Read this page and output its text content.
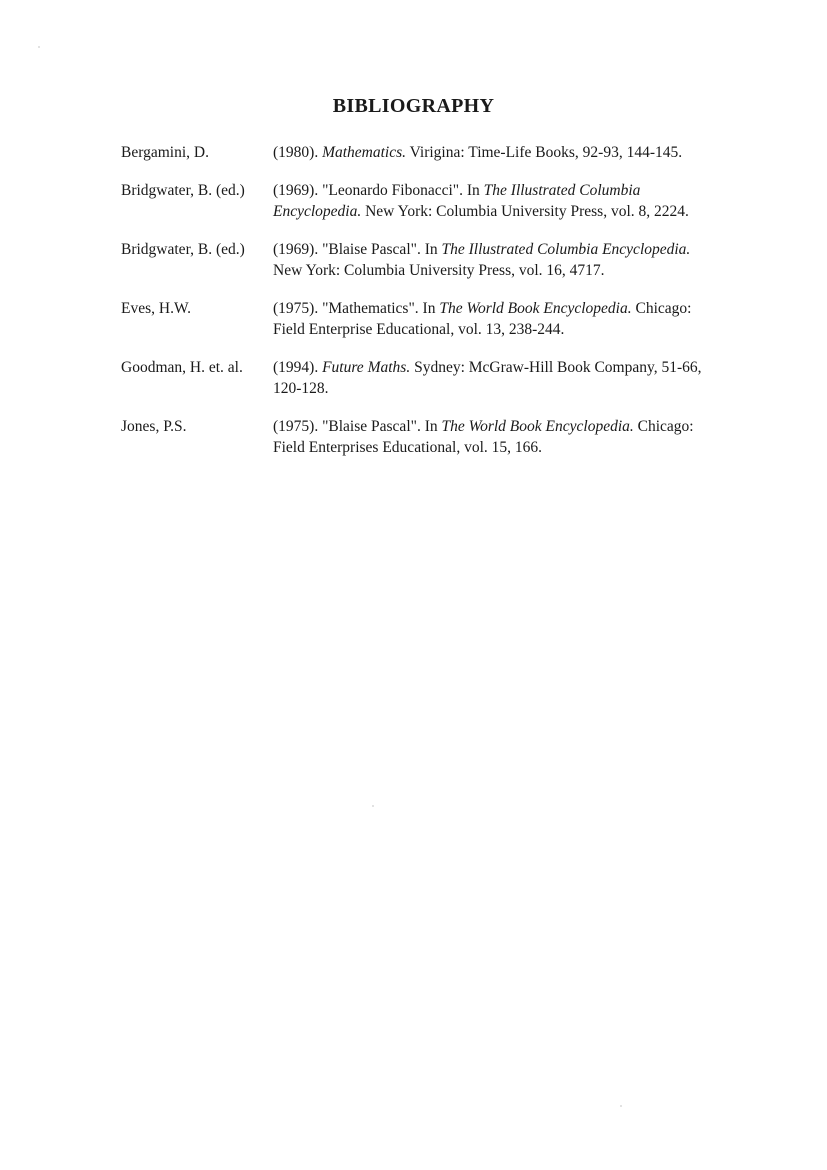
BIBLIOGRAPHY
Bergamini, D.	(1980). Mathematics. Virigina: Time-Life Books, 92-93, 144-145.
Bridgwater, B. (ed.)	(1969). "Leonardo Fibonacci". In The Illustrated Columbia Encyclopedia. New York: Columbia University Press, vol. 8, 2224.
Bridgwater, B. (ed.)	(1969). "Blaise Pascal". In The Illustrated Columbia Encyclopedia. New York: Columbia University Press, vol. 16, 4717.
Eves, H.W.	(1975). "Mathematics". In The World Book Encyclopedia. Chicago: Field Enterprise Educational, vol. 13, 238-244.
Goodman, H. et. al.	(1994). Future Maths. Sydney: McGraw-Hill Book Company, 51-66, 120-128.
Jones, P.S.	(1975). "Blaise Pascal". In The World Book Encyclopedia. Chicago: Field Enterprises Educational, vol. 15, 166.
